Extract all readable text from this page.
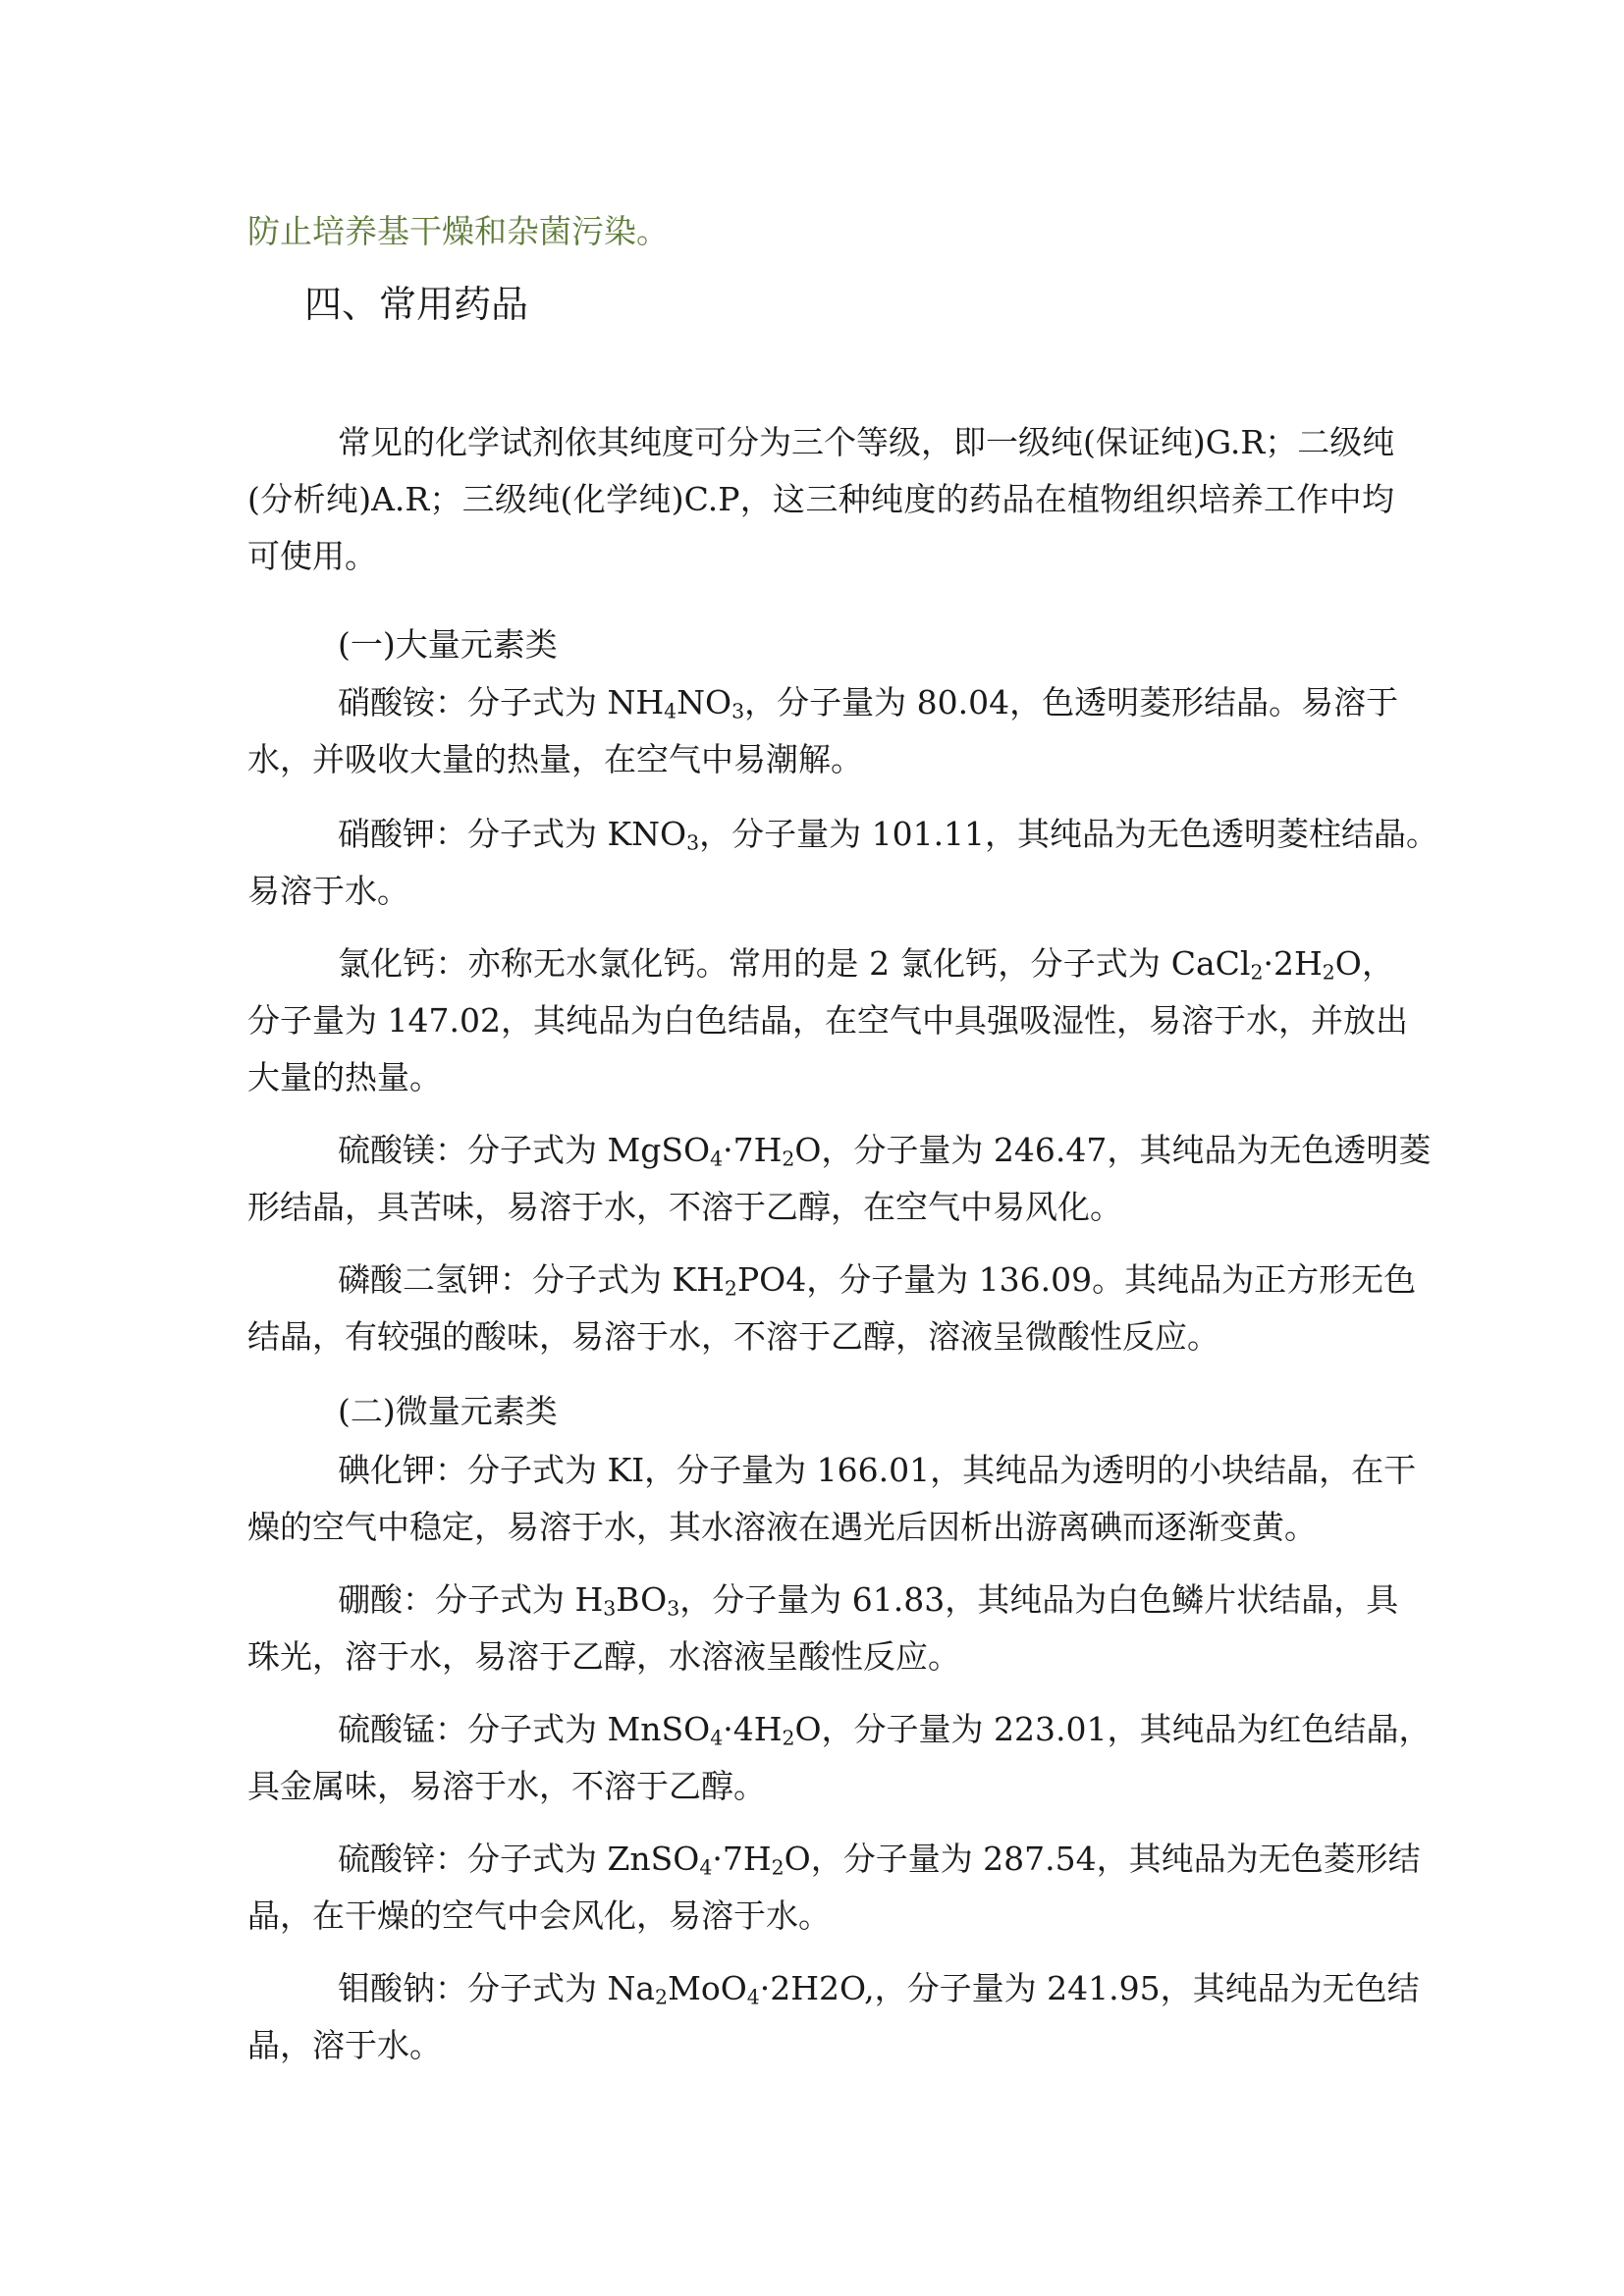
防止培养基干燥和杂菌污染。
四、常用药品
常见的化学试剂依其纯度可分为三个等级，即一级纯(保证纯)G.R；二级纯
(分析纯)A.R；三级纯(化学纯)C.P，这三种纯度的药品在植物组织培养工作中均
可使用。
(一)大量元素类
硝酸铵：分子式为 $NH_4NO_3$，分子量为 80.04，色透明菱形结晶。易溶于
水，并吸收大量的热量，在空气中易潮解。
硝酸钾：分子式为 $KNO_3$，分子量为 101.11，其纯品为无色透明菱柱结晶。
易溶于水。
氯化钙：亦称无水氯化钙。常用的是 2 氯化钙，分子式为 $CaCl_2\cdot 2H_2O$，
分子量为 147.02，其纯品为白色结晶，在空气中具强吸湿性，易溶于水，并放出
大量的热量。
硫酸镁：分子式为 $MgSO_4\cdot 7H_2O$，分子量为 246.47，其纯品为无色透明菱
形结晶，具苦味，易溶于水，不溶于乙醇，在空气中易风化。
磷酸二氢钾：分子式为 $KH_2PO4$，分子量为 136.09。其纯品为正方形无色
结晶，有较强的酸味，易溶于水，不溶于乙醇，溶液呈微酸性反应。
(二)微量元素类
碘化钾：分子式为 KI，分子量为 166.01，其纯品为透明的小块结晶，在干
燥的空气中稳定，易溶于水，其水溶液在遇光后因析出游离碘而逐渐变黄。
硼酸：分子式为 $H_3BO_3$，分子量为 61.83，其纯品为白色鳞片状结晶，具
珠光，溶于水，易溶于乙醇，水溶液呈酸性反应。
硫酸锰：分子式为 $MnSO_4\cdot 4H_2O$，分子量为 223.01，其纯品为红色结晶，
具金属味，易溶于水，不溶于乙醇。
硫酸锌：分子式为 $ZnSO_4\cdot 7H_2O$，分子量为 287.54，其纯品为无色菱形结
晶，在干燥的空气中会风化，易溶于水。
钼酸钠：分子式为 $Na_2MoO_4\cdot 2H2O$,，分子量为 241.95，其纯品为无色结
晶，溶于水。
